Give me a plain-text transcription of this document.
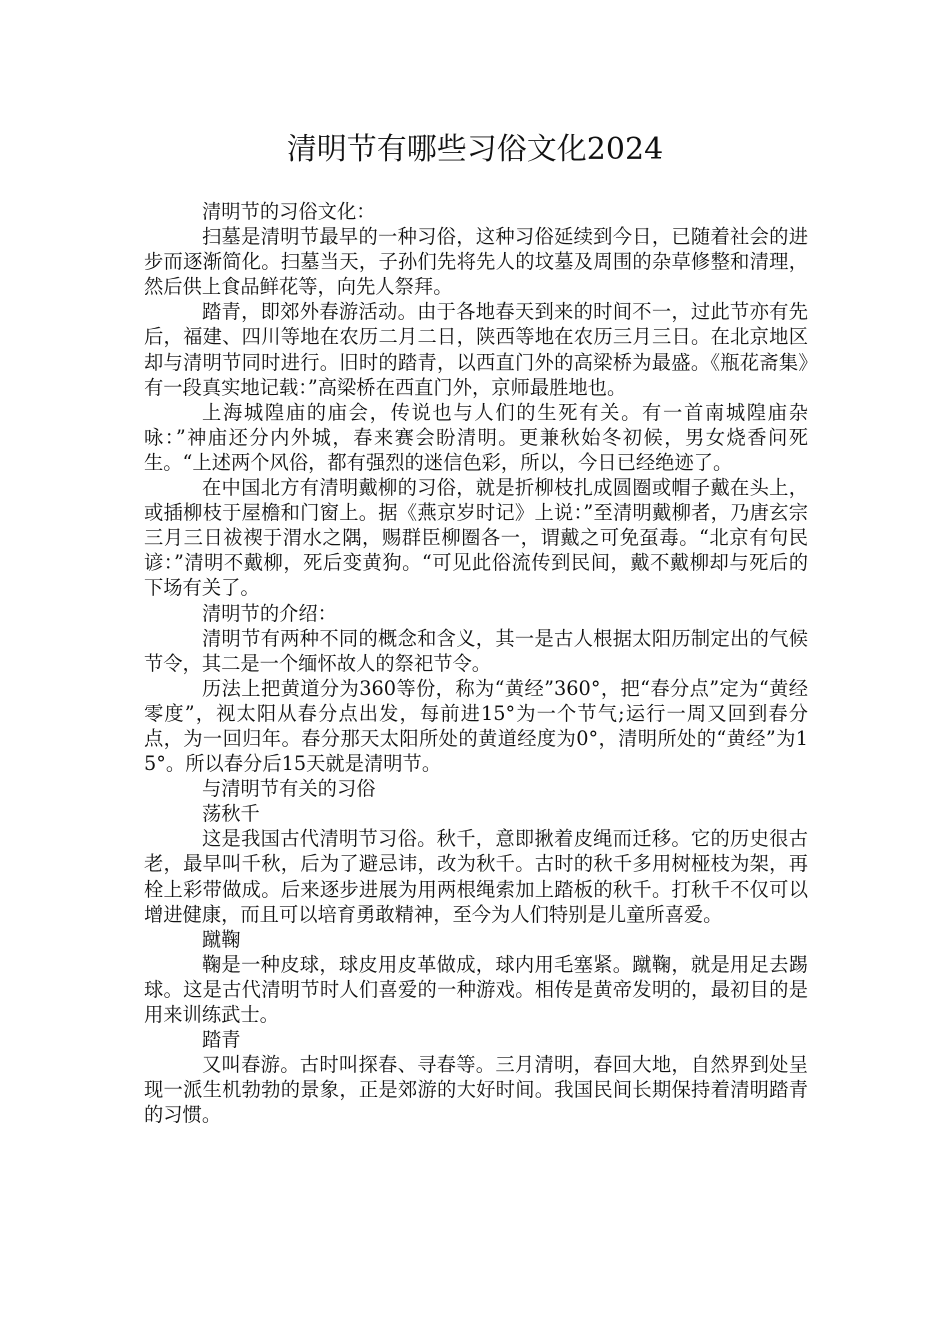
清明节有哪些习俗文化2024

清明节的习俗文化：

扫墓是清明节最早的一种习俗，这种习俗延续到今日，已随着社会的进步而逐渐简化。扫墓当天，子孙们先将先人的坟墓及周围的杂草修整和清理，然后供上食品鲜花等，向先人祭拜。

踏青，即郊外春游活动。由于各地春天到来的时间不一，过此节亦有先后，福建、四川等地在农历二月二日，陕西等地在农历三月三日。在北京地区却与清明节同时进行。旧时的踏青，以西直门外的高梁桥为最盛。《瓶花斋集》有一段真实地记载：”高梁桥在西直门外，京师最胜地也。

上海城隍庙的庙会，传说也与人们的生死有关。有一首南城隍庙杂咏：”神庙还分内外城，春来赛会盼清明。更兼秋始冬初候，男女烧香问死生。“上述两个风俗，都有强烈的迷信色彩，所以，今日已经绝迹了。

在中国北方有清明戴柳的习俗，就是折柳枝扎成圆圈或帽子戴在头上，或插柳枝于屋檐和门窗上。据《燕京岁时记》上说：”至清明戴柳者，乃唐玄宗三月三日祓禊于渭水之隅，赐群臣柳圈各一，谓戴之可免虿毒。“北京有句民谚：”清明不戴柳，死后变黄狗。“可见此俗流传到民间，戴不戴柳却与死后的下场有关了。

清明节的介绍：

清明节有两种不同的概念和含义，其一是古人根据太阳历制定出的气候节令，其二是一个缅怀故人的祭祀节令。

历法上把黄道分为360等份，称为“黄经”360°，把“春分点”定为“黄经零度”，视太阳从春分点出发，每前进15°为一个节气;运行一周又回到春分点，为一回归年。春分那天太阳所处的黄道经度为0°，清明所处的“黄经”为15°。所以春分后15天就是清明节。

与清明节有关的习俗

荡秋千

这是我国古代清明节习俗。秋千，意即揪着皮绳而迁移。它的历史很古老，最早叫千秋，后为了避忌讳，改为秋千。古时的秋千多用树桠枝为架，再栓上彩带做成。后来逐步进展为用两根绳索加上踏板的秋千。打秋千不仅可以增进健康，而且可以培育勇敢精神，至今为人们特别是儿童所喜爱。

蹴鞠

鞠是一种皮球，球皮用皮革做成，球内用毛塞紧。蹴鞠，就是用足去踢球。这是古代清明节时人们喜爱的一种游戏。相传是黄帝发明的，最初目的是用来训练武士。

踏青

又叫春游。古时叫探春、寻春等。三月清明，春回大地，自然界到处呈现一派生机勃勃的景象，正是郊游的大好时间。我国民间长期保持着清明踏青的习惯。
